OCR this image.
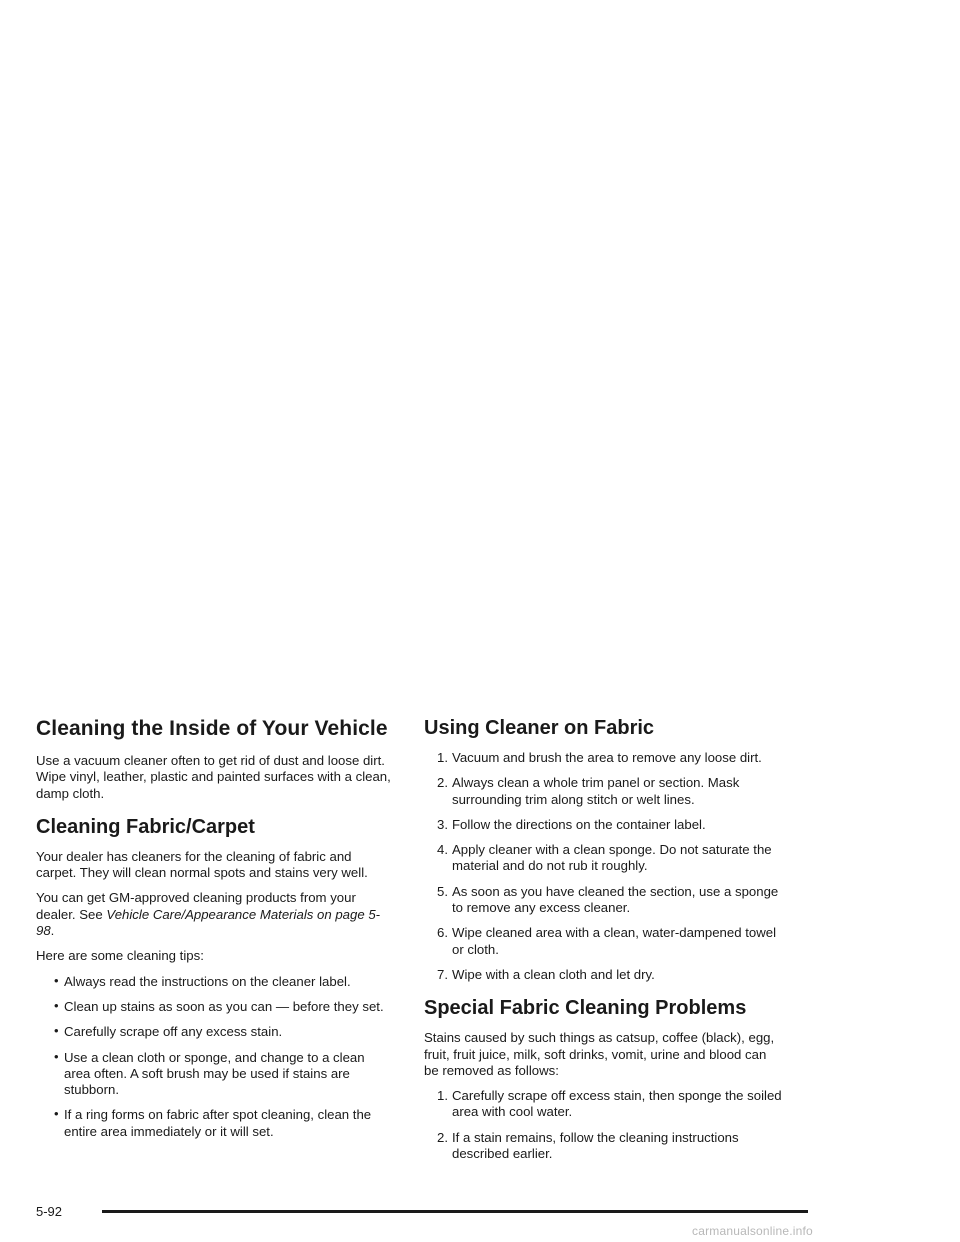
Cleaning the Inside of Your Vehicle

Use a vacuum cleaner often to get rid of dust and loose dirt. Wipe vinyl, leather, plastic and painted surfaces with a clean, damp cloth.

Cleaning Fabric/Carpet

Your dealer has cleaners for the cleaning of fabric and carpet. They will clean normal spots and stains very well.

You can get GM-approved cleaning products from your dealer. See Vehicle Care/Appearance Materials on page 5-98.

Here are some cleaning tips:

• Always read the instructions on the cleaner label.
• Clean up stains as soon as you can — before they set.
• Carefully scrape off any excess stain.
• Use a clean cloth or sponge, and change to a clean area often. A soft brush may be used if stains are stubborn.
• If a ring forms on fabric after spot cleaning, clean the entire area immediately or it will set.
Using Cleaner on Fabric
1. Vacuum and brush the area to remove any loose dirt.
2. Always clean a whole trim panel or section. Mask surrounding trim along stitch or welt lines.
3. Follow the directions on the container label.
4. Apply cleaner with a clean sponge. Do not saturate the material and do not rub it roughly.
5. As soon as you have cleaned the section, use a sponge to remove any excess cleaner.
6. Wipe cleaned area with a clean, water-dampened towel or cloth.
7. Wipe with a clean cloth and let dry.
Special Fabric Cleaning Problems

Stains caused by such things as catsup, coffee (black), egg, fruit, fruit juice, milk, soft drinks, vomit, urine and blood can be removed as follows:

1. Carefully scrape off excess stain, then sponge the soiled area with cool water.
2. If a stain remains, follow the cleaning instructions described earlier.
5-92
carmanualsonline.info
